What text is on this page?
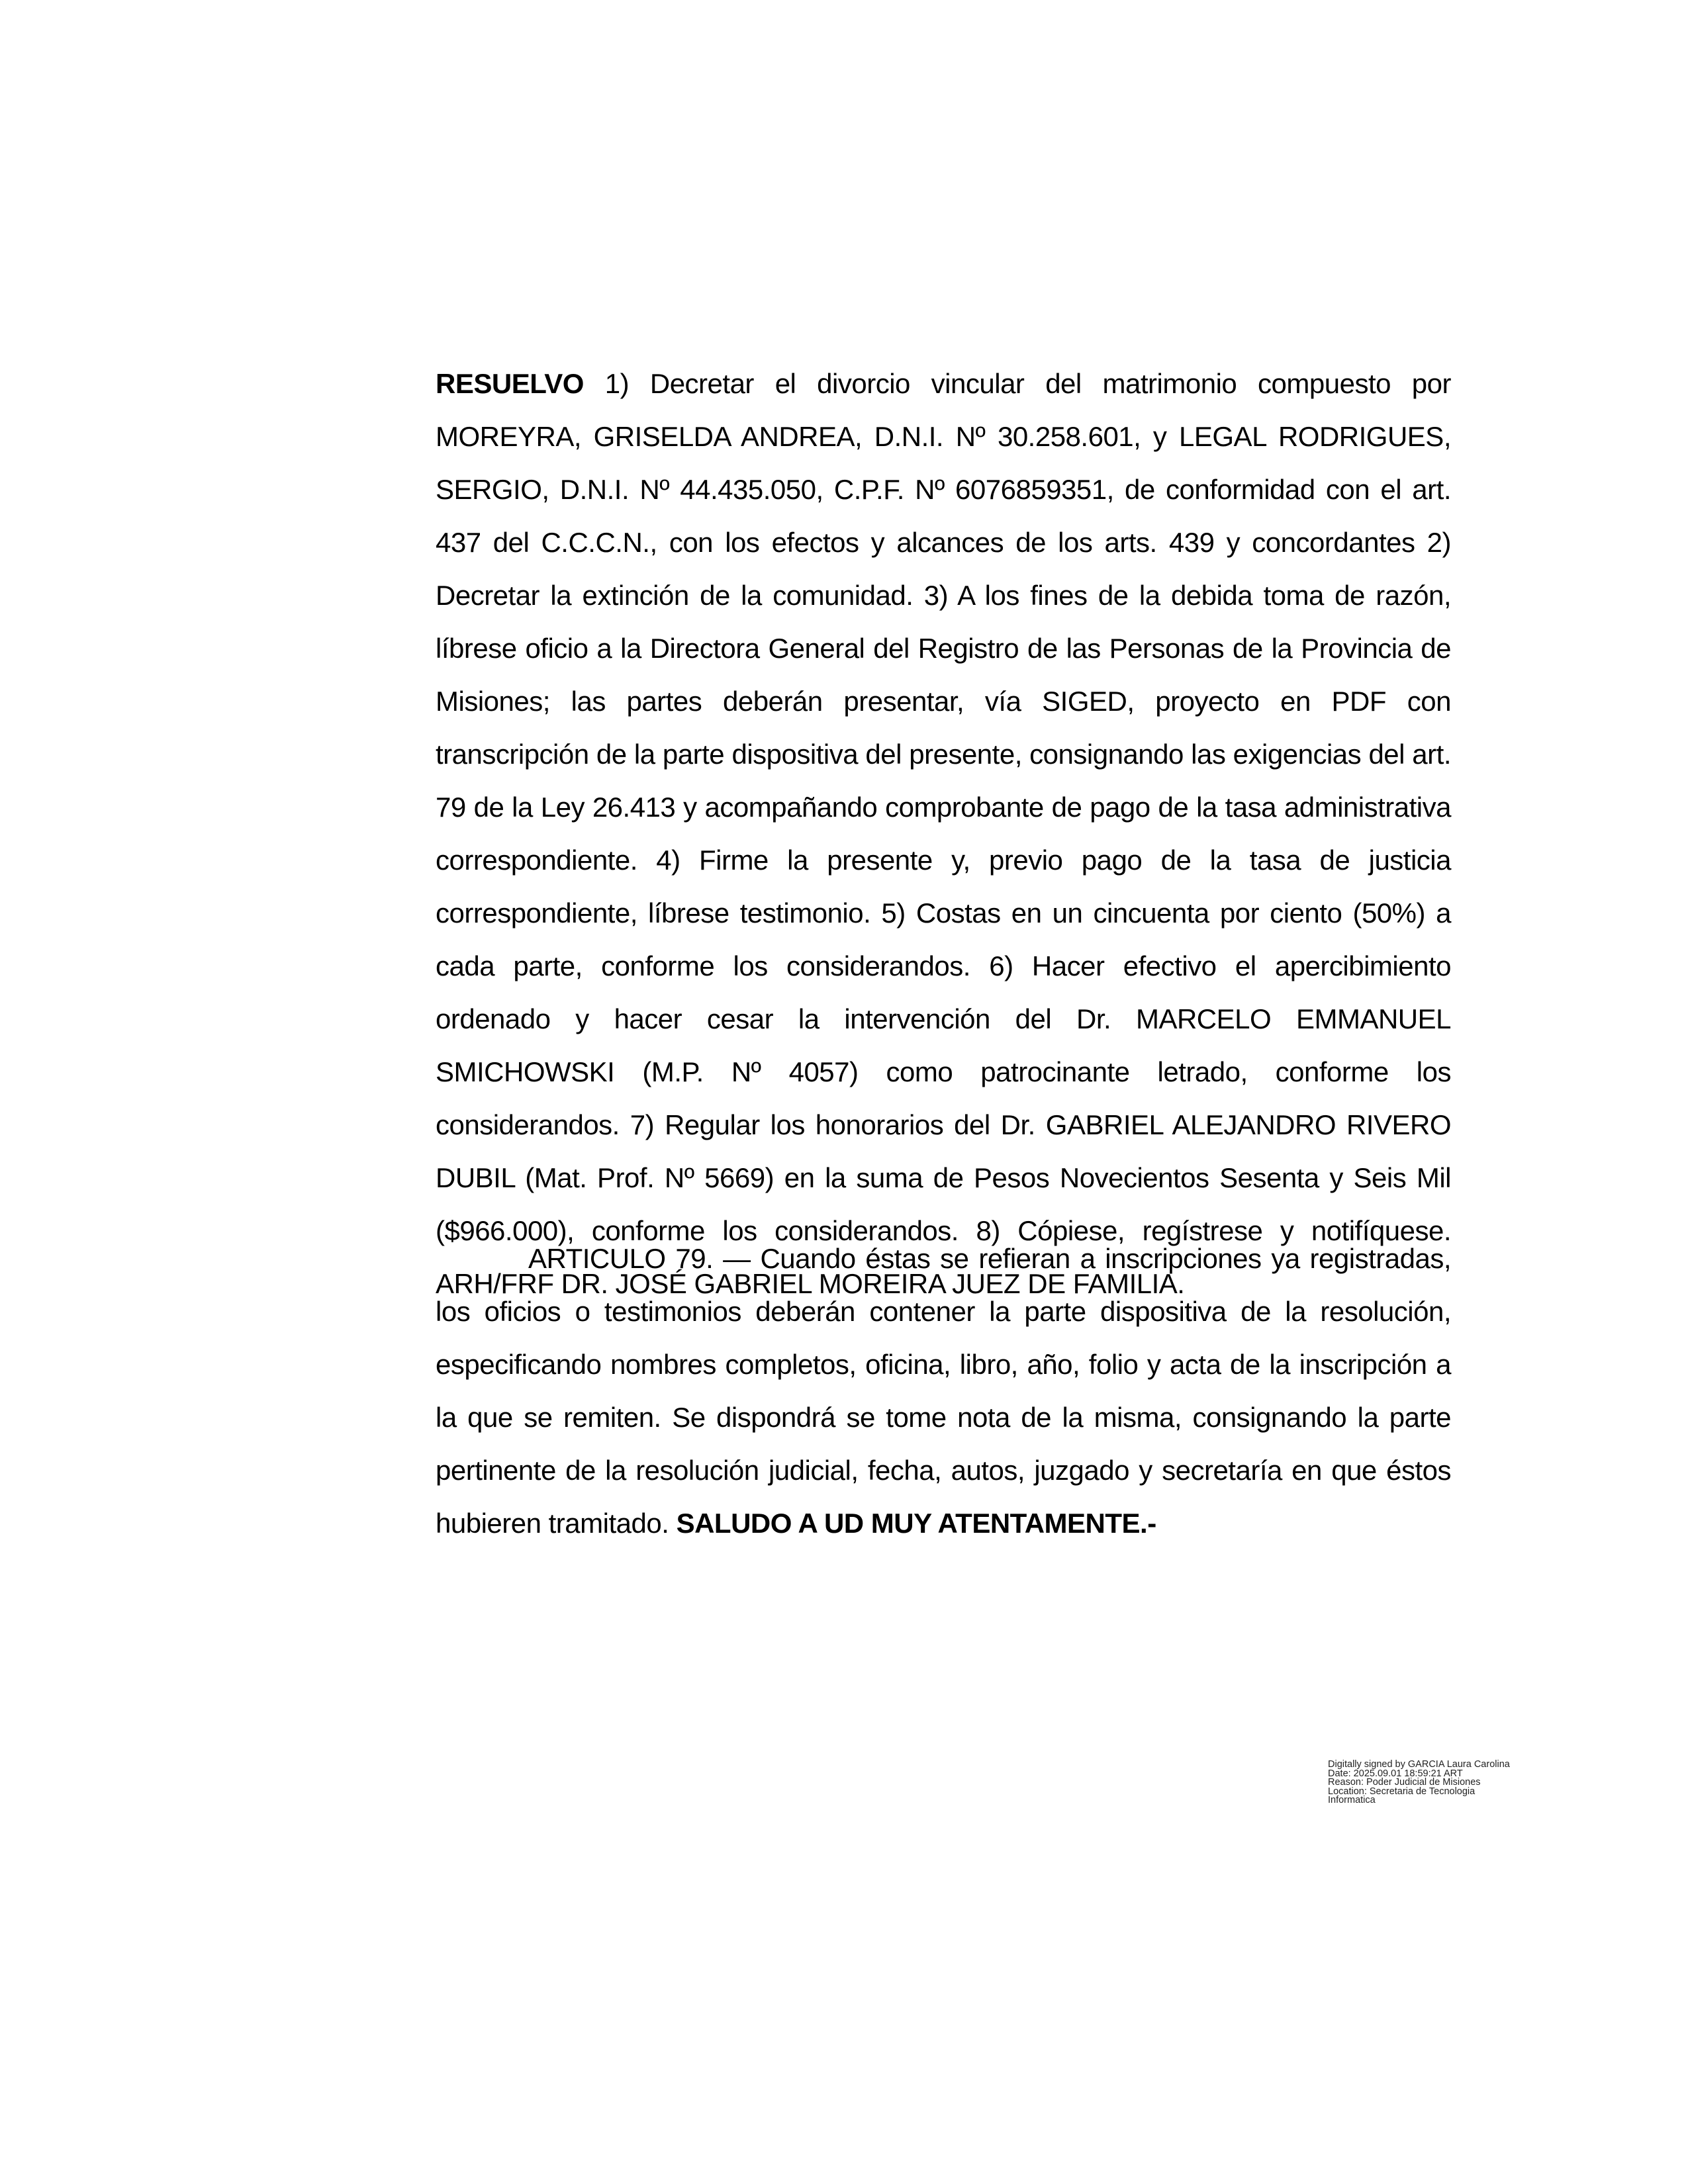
RESUELVO 1) Decretar el divorcio vincular del matrimonio compuesto por MOREYRA, GRISELDA ANDREA, D.N.I. Nº 30.258.601, y LEGAL RODRIGUES, SERGIO, D.N.I. Nº 44.435.050, C.P.F. Nº 6076859351, de conformidad con el art. 437 del C.C.C.N., con los efectos y alcances de los arts. 439 y concordantes 2) Decretar la extinción de la comunidad. 3) A los fines de la debida toma de razón, líbrese oficio a la Directora General del Registro de las Personas de la Provincia de Misiones; las partes deberán presentar, vía SIGED, proyecto en PDF con transcripción de la parte dispositiva del presente, consignando las exigencias del art. 79 de la Ley 26.413 y acompañando comprobante de pago de la tasa administrativa correspondiente. 4) Firme la presente y, previo pago de la tasa de justicia correspondiente, líbrese testimonio. 5) Costas en un cincuenta por ciento (50%) a cada parte, conforme los considerandos. 6) Hacer efectivo el apercibimiento ordenado y hacer cesar la intervención del Dr. MARCELO EMMANUEL SMICHOWSKI (M.P. Nº 4057) como patrocinante letrado, conforme los considerandos. 7) Regular los honorarios del Dr. GABRIEL ALEJANDRO RIVERO DUBIL (Mat. Prof. Nº 5669) en la suma de Pesos Novecientos Sesenta y Seis Mil ($966.000), conforme los considerandos. 8) Cópiese, regístrese y notifíquese. ARH/FRF DR. JOSÉ GABRIEL MOREIRA JUEZ DE FAMILIA.

ARTICULO 79. — Cuando éstas se refieran a inscripciones ya registradas, los oficios o testimonios deberán contener la parte dispositiva de la resolución, especificando nombres completos, oficina, libro, año, folio y acta de la inscripción a la que se remiten. Se dispondrá se tome nota de la misma, consignando la parte pertinente de la resolución judicial, fecha, autos, juzgado y secretaría en que éstos hubieren tramitado. SALUDO A UD MUY ATENTAMENTE.-

Digitally signed by GARCIA Laura Carolina
Date: 2025.09.01 18:59:21 ART
Reason: Poder Judicial de Misiones
Location: Secretaria de Tecnologia
Informatica
